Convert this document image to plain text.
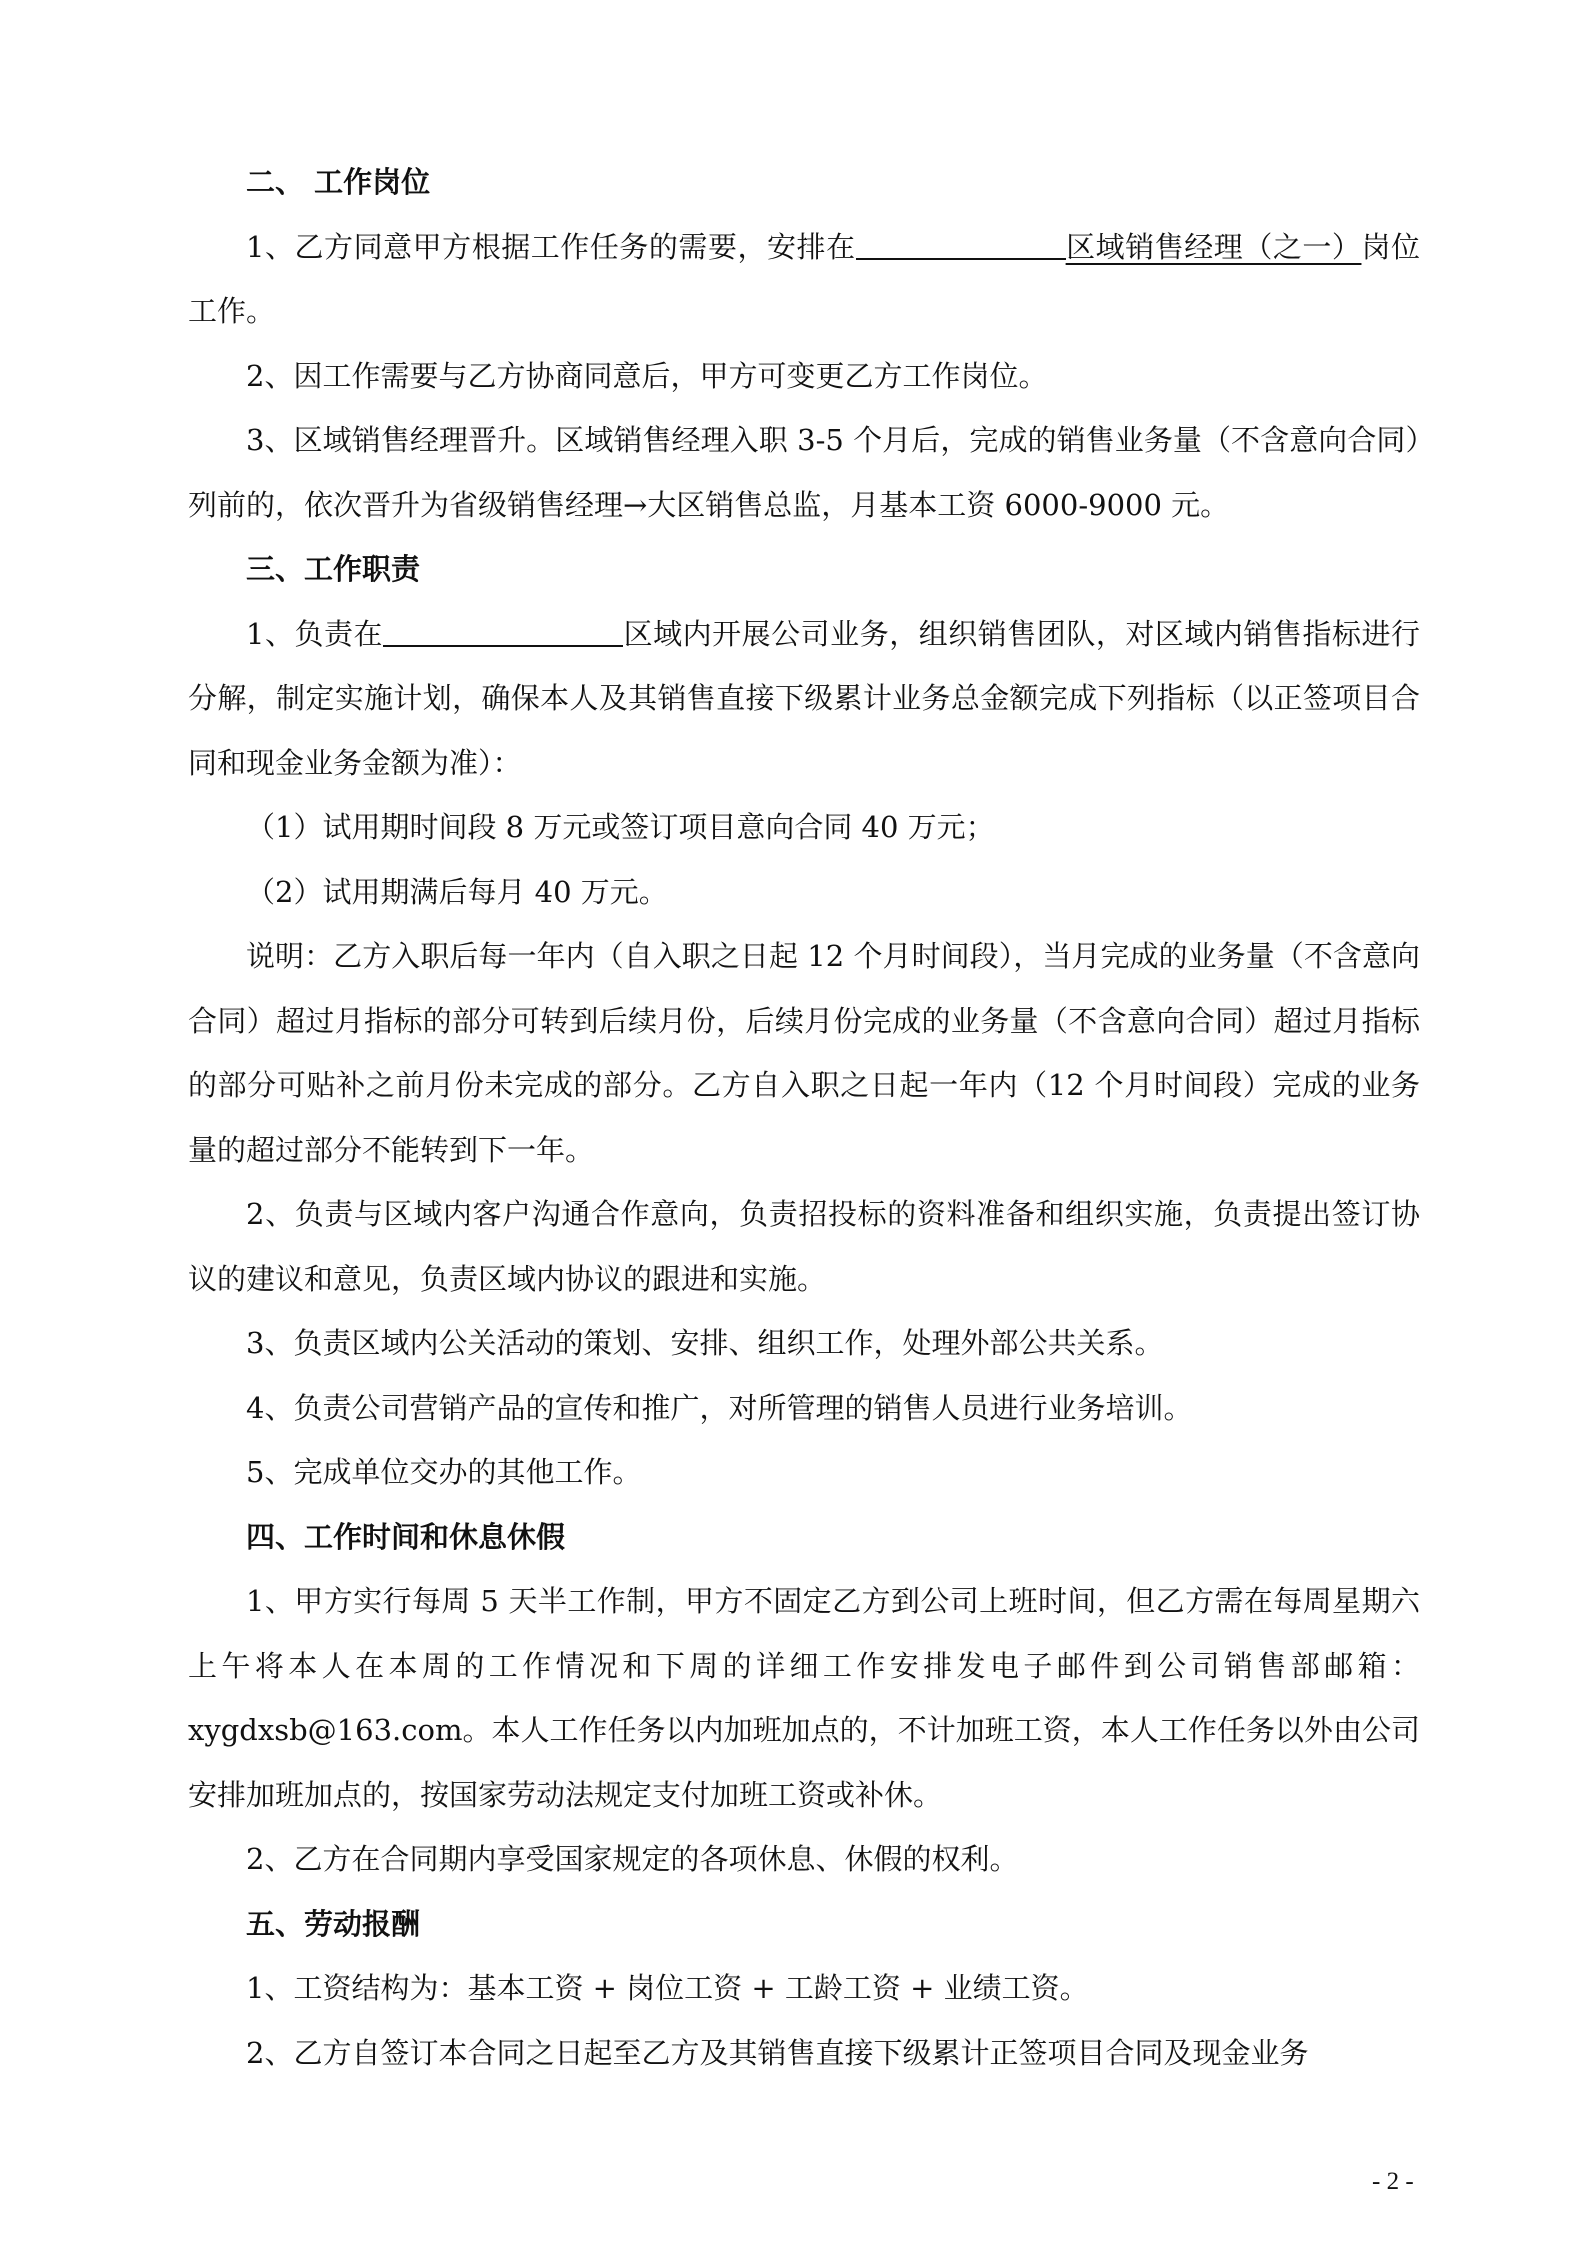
二、 工作岗位

1、乙方同意甲方根据工作任务的需要，安排在	区域销售经理（之一）岗位工作。

2、因工作需要与乙方协商同意后，甲方可变更乙方工作岗位。

3、区域销售经理晋升。区域销售经理入职 3-5 个月后，完成的销售业务量（不含意向合同）列前的，依次晋升为省级销售经理→大区销售总监，月基本工资 6000-9000 元。

三、工作职责

1、负责在	区域内开展公司业务，组织销售团队，对区域内销售指标进行分解，制定实施计划，确保本人及其销售直接下级累计业务总金额完成下列指标（以正签项目合同和现金业务金额为准）：

（1）试用期时间段 8 万元或签订项目意向合同 40 万元；

（2）试用期满后每月 40 万元。

说明：乙方入职后每一年内（自入职之日起 12 个月时间段），当月完成的业务量（不含意向合同）超过月指标的部分可转到后续月份，后续月份完成的业务量（不含意向合同）超过月指标的部分可贴补之前月份未完成的部分。乙方自入职之日起一年内（12 个月时间段）完成的业务量的超过部分不能转到下一年。

2、负责与区域内客户沟通合作意向，负责招投标的资料准备和组织实施，负责提出签订协议的建议和意见，负责区域内协议的跟进和实施。

3、负责区域内公关活动的策划、安排、组织工作，处理外部公共关系。

4、负责公司营销产品的宣传和推广，对所管理的销售人员进行业务培训。

5、完成单位交办的其他工作。

四、工作时间和休息休假

1、甲方实行每周 5 天半工作制，甲方不固定乙方到公司上班时间，但乙方需在每周星期六上午将本人在本周的工作情况和下周的详细工作安排发电子邮件到公司销售部邮箱：xygdxsb@163.com。本人工作任务以内加班加点的，不计加班工资，本人工作任务以外由公司安排加班加点的，按国家劳动法规定支付加班工资或补休。

2、乙方在合同期内享受国家规定的各项休息、休假的权利。

五、劳动报酬

1、工资结构为：基本工资 + 岗位工资 + 工龄工资 + 业绩工资。

2、乙方自签订本合同之日起至乙方及其销售直接下级累计正签项目合同及现金业务

- 2 -
